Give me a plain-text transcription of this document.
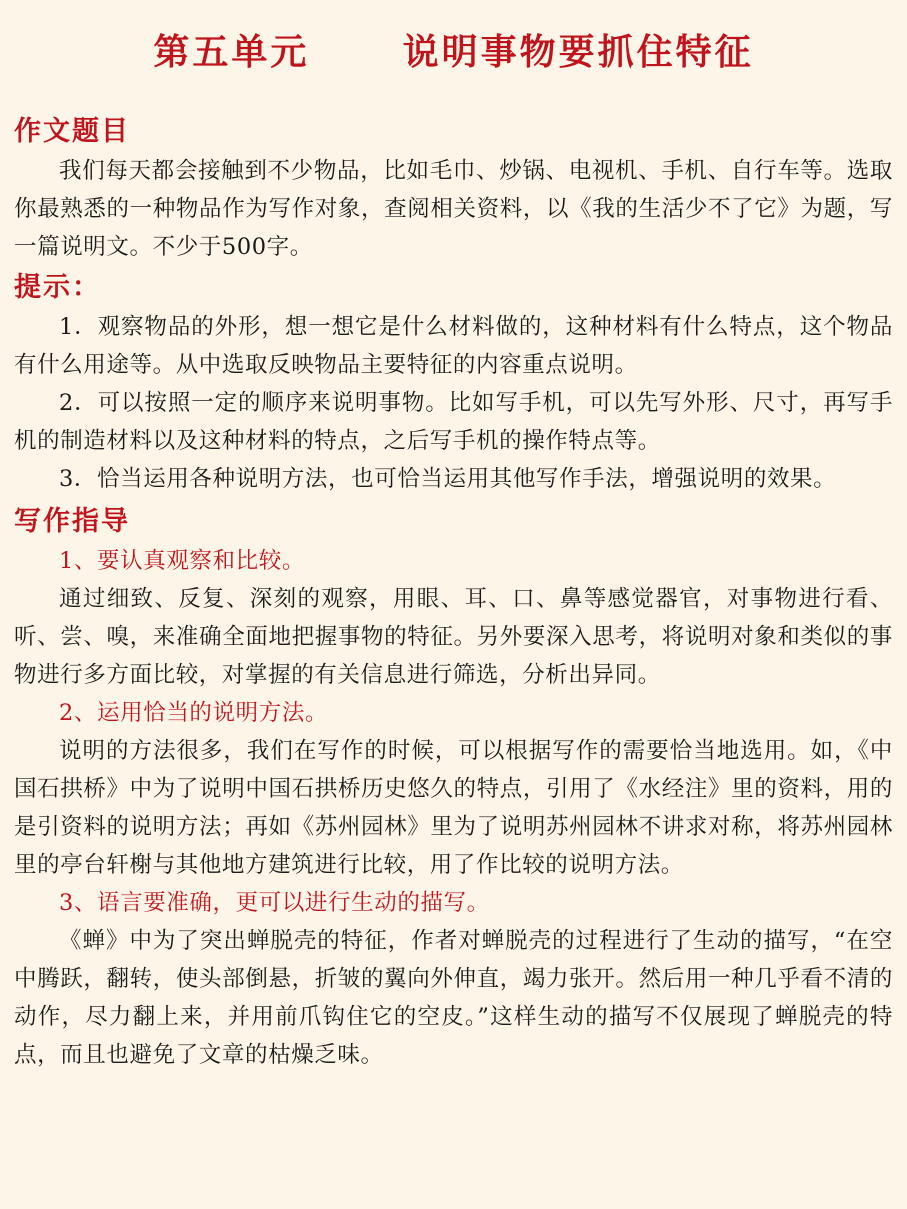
第五单元      说明事物要抓住特征
作文题目

我们每天都会接触到不少物品，比如毛巾、炒锅、电视机、手机、自行车等。选取你最熟悉的一种物品作为写作对象，查阅相关资料，以《我的生活少不了它》为题，写一篇说明文。不少于500字。

提示：

1．观察物品的外形，想一想它是什么材料做的，这种材料有什么特点，这个物品有什么用途等。从中选取反映物品主要特征的内容重点说明。

2．可以按照一定的顺序来说明事物。比如写手机，可以先写外形、尺寸，再写手机的制造材料以及这种材料的特点，之后写手机的操作特点等。

3．恰当运用各种说明方法，也可恰当运用其他写作手法，增强说明的效果。

写作指导

1、要认真观察和比较。

通过细致、反复、深刻的观察，用眼、耳、口、鼻等感觉器官，对事物进行看、听、尝、嗅，来准确全面地把握事物的特征。另外要深入思考，将说明对象和类似的事物进行多方面比较，对掌握的有关信息进行筛选，分析出异同。

2、运用恰当的说明方法。

说明的方法很多，我们在写作的时候，可以根据写作的需要恰当地选用。如，《中国石拱桥》中为了说明中国石拱桥历史悠久的特点，引用了《水经注》里的资料，用的是引资料的说明方法；再如《苏州园林》里为了说明苏州园林不讲求对称，将苏州园林里的亭台轩榭与其他地方建筑进行比较，用了作比较的说明方法。

3、语言要准确，更可以进行生动的描写。

《蝉》中为了突出蝉脱壳的特征，作者对蝉脱壳的过程进行了生动的描写，“在空中腾跃，翻转，使头部倒悬，折皱的翼向外伸直，竭力张开。然后用一种几乎看不清的动作，尽力翻上来，并用前爪钩住它的空皮。”这样生动的描写不仅展现了蝉脱壳的特点，而且也避免了文章的枯燥乏味。
